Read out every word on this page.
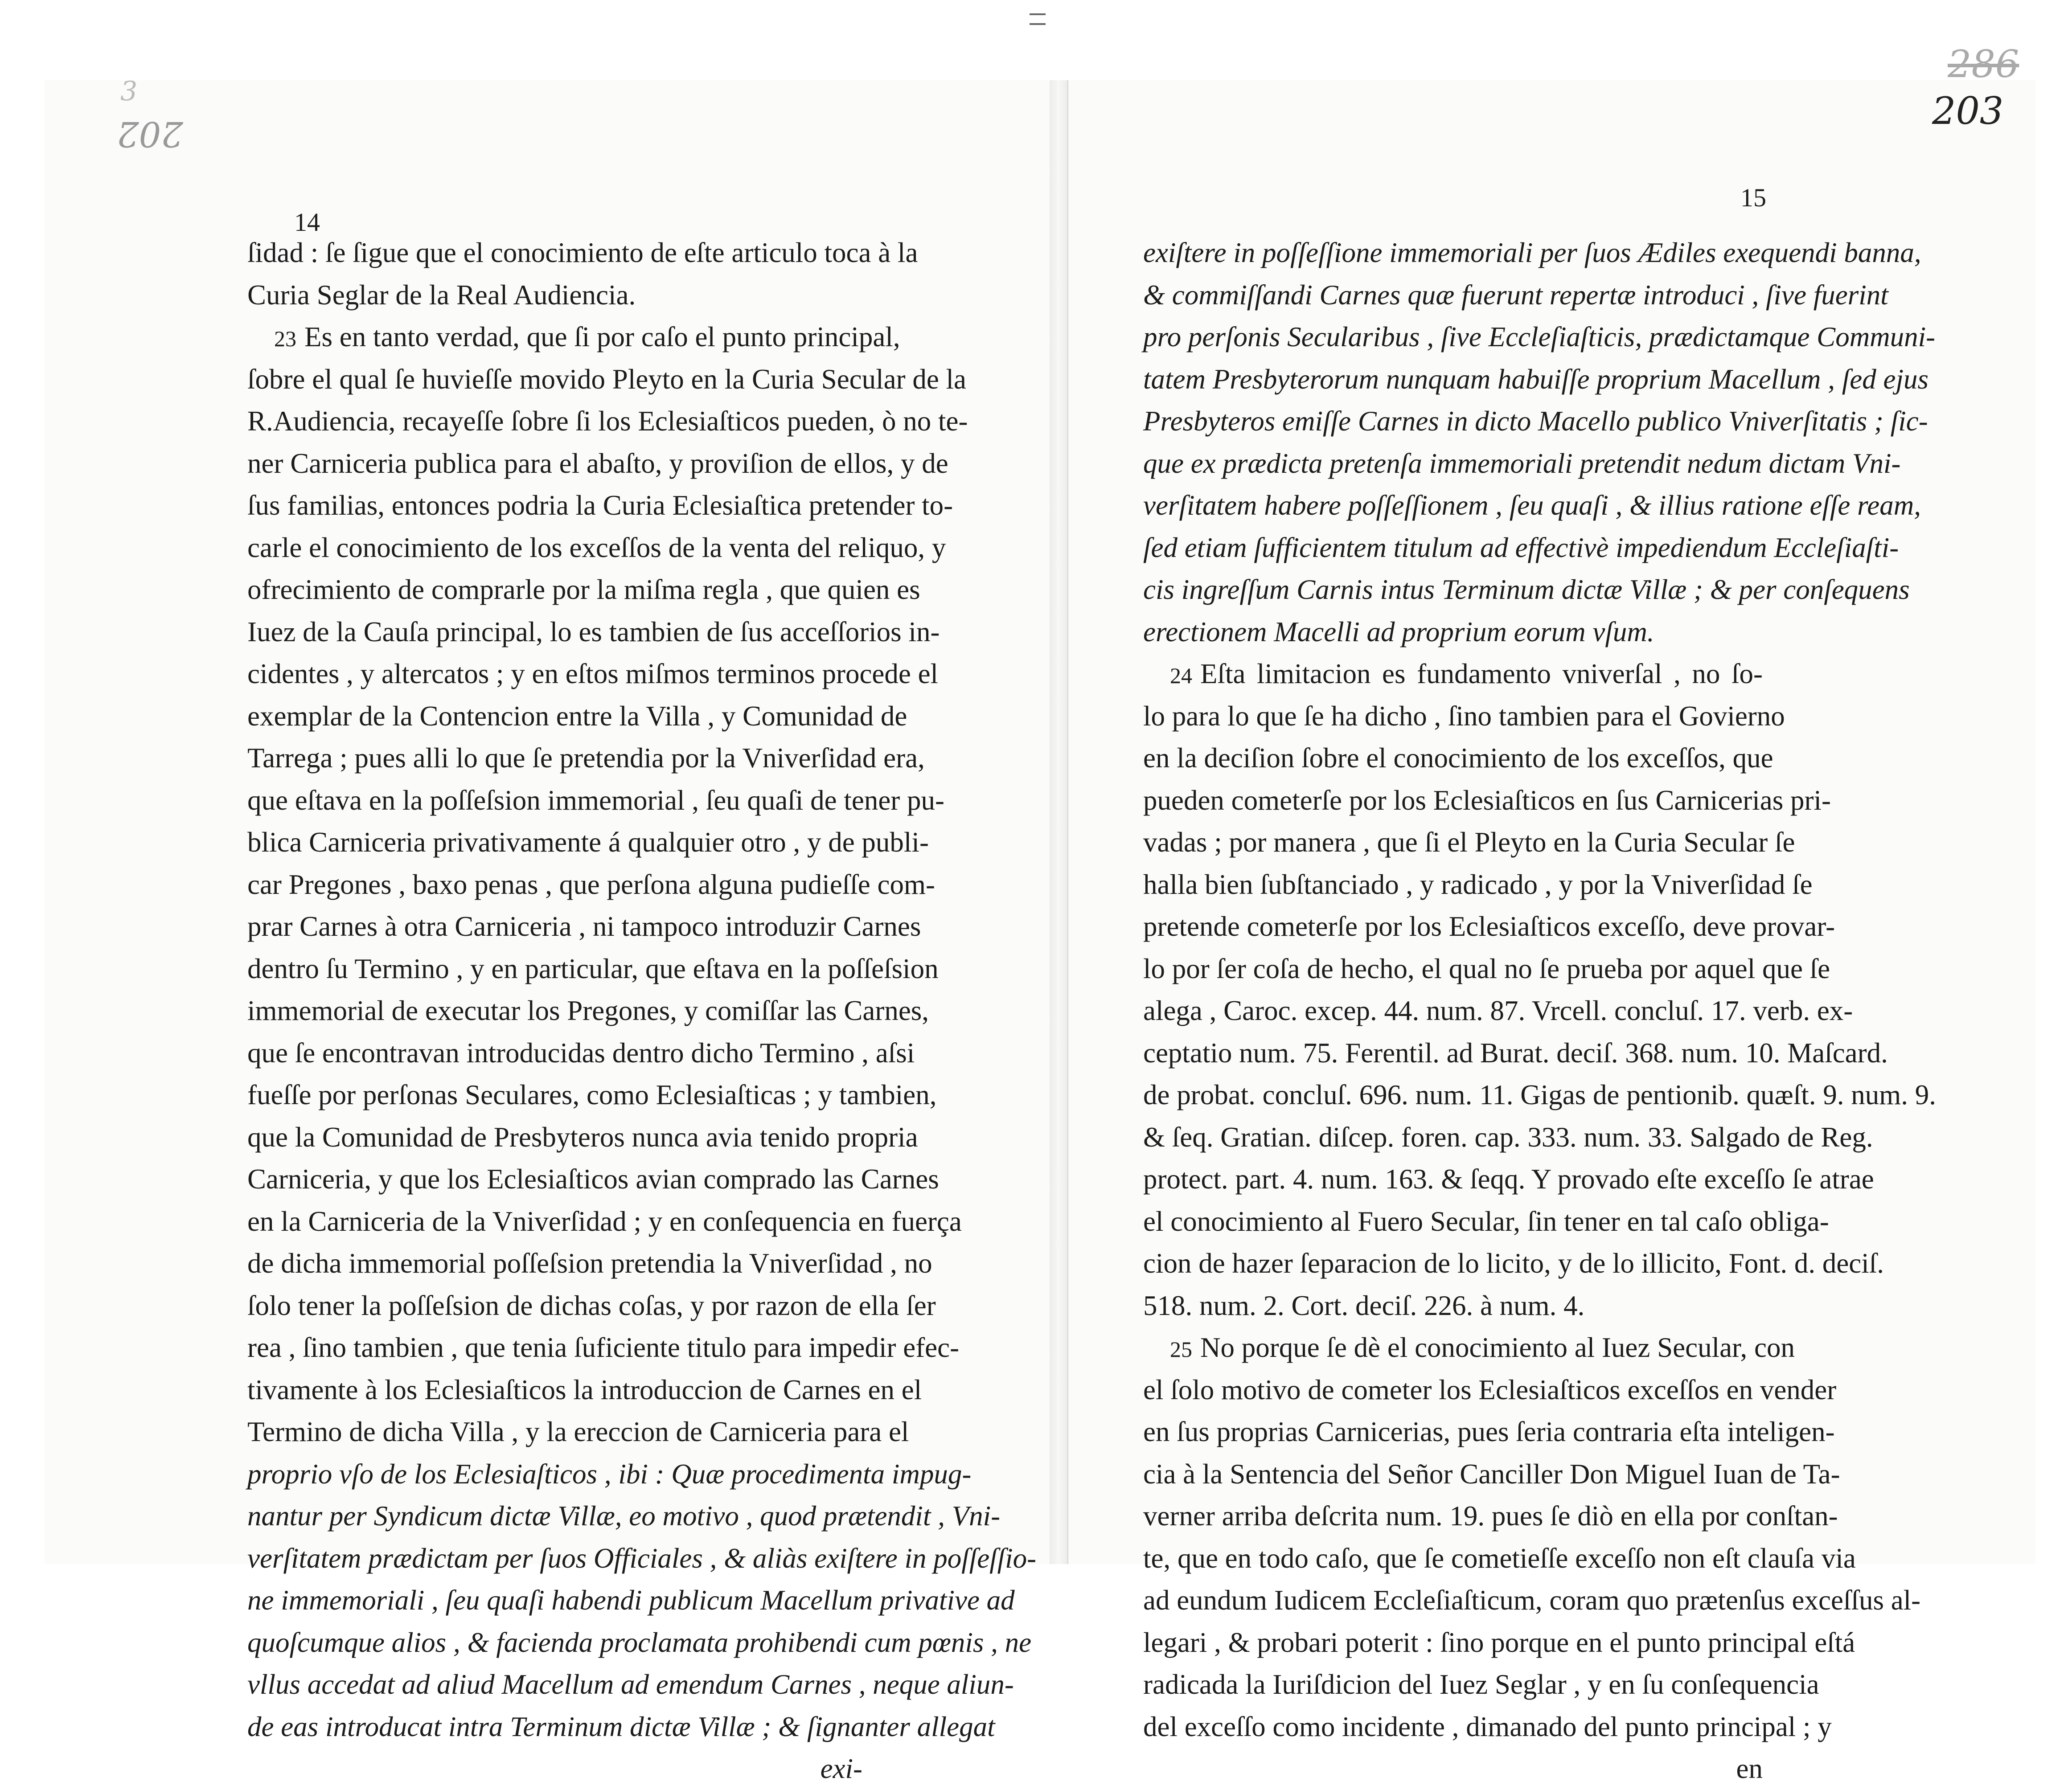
3
202
286
203
14
15
ſidad : ſe ſigue que el conocimiento de eſte articulo toca à la
Curia Seglar de la Real Audiencia.
23 Es en tanto verdad, que ſi por caſo el punto principal,
ſobre el qual ſe huvieſſe movido Pleyto en la Curia Secular de la
R.Audiencia, recayeſſe ſobre ſi los Eclesiaſticos pueden, ò no te-
ner Carniceria publica para el abaſto, y proviſion de ellos, y de
ſus familias, entonces podria la Curia Eclesiaſtica pretender to-
carle el conocimiento de los exceſſos de la venta del reliquo, y
ofrecimiento de comprarle por la miſma regla , que quien es
Iuez de la Cauſa principal, lo es tambien de ſus acceſſorios in-
cidentes , y altercatos ; y en eſtos miſmos terminos procede el
exemplar de la Contencion entre la Villa , y Comunidad de
Tarrega ; pues alli lo que ſe pretendia por la Vniverſidad era,
que eſtava en la poſſeſsion immemorial , ſeu quaſi de tener pu-
blica Carniceria privativamente á qualquier otro , y de publi-
car Pregones , baxo penas , que perſona alguna pudieſſe com-
prar Carnes à otra Carniceria , ni tampoco introduzir Carnes
dentro ſu Termino , y en particular, que eſtava en la poſſeſsion
immemorial de executar los Pregones, y comiſſar las Carnes,
que ſe encontravan introducidas dentro dicho Termino , aſsi
fueſſe por perſonas Seculares, como Eclesiaſticas ; y tambien,
que la Comunidad de Presbyteros nunca avia tenido propria
Carniceria, y que los Eclesiaſticos avian comprado las Carnes
en la Carniceria de la Vniverſidad ; y en conſequencia en fuerça
de dicha immemorial poſſeſsion pretendia la Vniverſidad , no
ſolo tener la poſſeſsion de dichas coſas, y por razon de ella ſer
rea , ſino tambien , que tenia ſuficiente titulo para impedir efec-
tivamente à los Eclesiaſticos la introduccion de Carnes en el
Termino de dicha Villa , y la ereccion de Carniceria para el
proprio vſo de los Eclesiaſticos , ibi : Quæ procedimenta impug-
nantur per Syndicum dictæ Villæ, eo motivo , quod prætendit , Vni-
verſitatem prædictam per ſuos Officiales , & aliàs exiſtere in poſſeſſio-
ne immemoriali , ſeu quaſi habendi publicum Macellum privative ad
quoſcumque alios , & facienda proclamata prohibendi cum pœnis , ne
vllus accedat ad aliud Macellum ad emendum Carnes , neque aliun-
de eas introducat intra Terminum dictæ Villæ ; & ſignanter allegat
exi-
exiſtere in poſſeſſione immemoriali per ſuos Ædiles exequendi banna,
& commiſſandi Carnes quæ fuerunt repertæ introduci , ſive fuerint
pro perſonis Secularibus , ſive Eccleſiaſticis, prædictamque Communi-
tatem Presbyterorum nunquam habuiſſe proprium Macellum , ſed ejus
Presbyteros emiſſe Carnes in dicto Macello publico Vniverſitatis ; ſic-
que ex prædicta pretenſa immemoriali pretendit nedum dictam Vni-
verſitatem habere poſſeſſionem , ſeu quaſi , & illius ratione eſſe ream,
ſed etiam ſufficientem titulum ad effectivè impediendum Eccleſiaſti-
cis ingreſſum Carnis intus Terminum dictæ Villæ ; & per conſequens
erectionem Macelli ad proprium eorum vſum.
24 Eſta limitacion es fundamento vniverſal , no ſo-
lo para lo que ſe ha dicho , ſino tambien para el Govierno
en la deciſion ſobre el conocimiento de los exceſſos, que
pueden cometerſe por los Eclesiaſticos en ſus Carnicerias pri-
vadas ; por manera , que ſi el Pleyto en la Curia Secular ſe
halla bien ſubſtanciado , y radicado , y por la Vniverſidad ſe
pretende cometerſe por los Eclesiaſticos exceſſo, deve provar-
lo por ſer coſa de hecho, el qual no ſe prueba por aquel que ſe
alega , Caroc. excep. 44. num. 87. Vrcell. concluſ. 17. verb. ex-
ceptatio num. 75. Ferentil. ad Burat. deciſ. 368. num. 10. Maſcard.
de probat. concluſ. 696. num. 11. Gigas de pentionib. quæſt. 9. num. 9.
& ſeq. Gratian. diſcep. foren. cap. 333. num. 33. Salgado de Reg.
protect. part. 4. num. 163. & ſeqq. Y provado eſte exceſſo ſe atrae
el conocimiento al Fuero Secular, ſin tener en tal caſo obliga-
cion de hazer ſeparacion de lo licito, y de lo illicito, Font. d. deciſ.
518. num. 2. Cort. deciſ. 226. à num. 4.
25 No porque ſe dè el conocimiento al Iuez Secular, con
el ſolo motivo de cometer los Eclesiaſticos exceſſos en vender
en ſus proprias Carnicerias, pues ſeria contraria eſta inteligen-
cia à la Sentencia del Señor Canciller Don Miguel Iuan de Ta-
verner arriba deſcrita num. 19. pues ſe diò en ella por conſtan-
te, que en todo caſo, que ſe cometieſſe exceſſo non eſt clauſa via
ad eundum Iudicem Eccleſiaſticum, coram quo prætenſus exceſſus al-
legari , & probari poterit : ſino porque en el punto principal eſtá
radicada la Iuriſdicion del Iuez Seglar , y en ſu conſequencia
del exceſſo como incidente , dimanado del punto principal ; y
en
